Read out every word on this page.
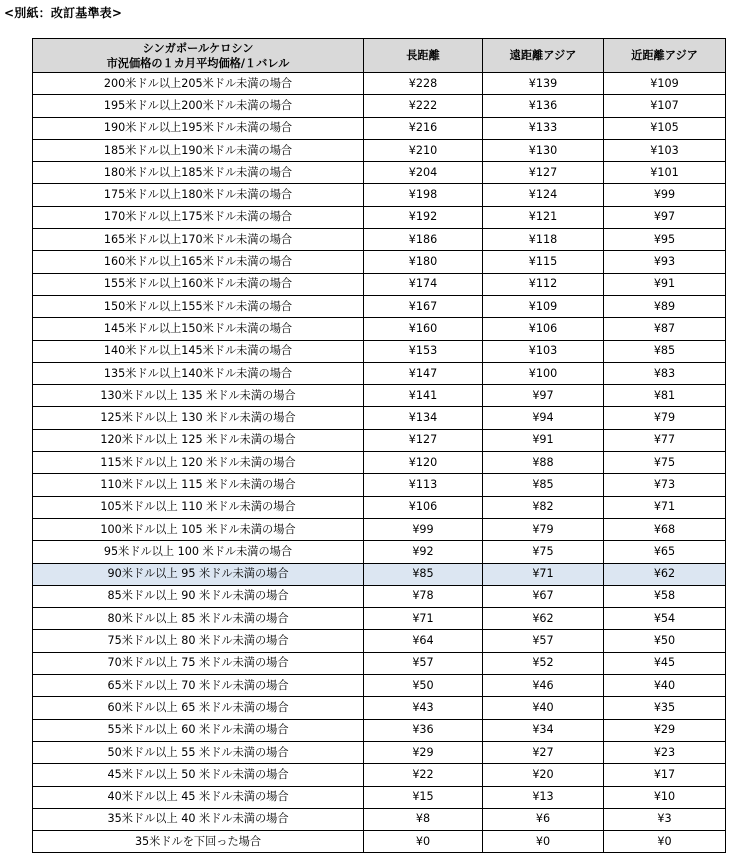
<別紙：改訂基準表>
シンガポールケロシン
市況価格の１カ月平均価格/１バレル	長距離	遠距離アジア	近距離アジア
200米ドル以上205米ドル未満の場合	¥228	¥139	¥109
195米ドル以上200米ドル未満の場合	¥222	¥136	¥107
190米ドル以上195米ドル未満の場合	¥216	¥133	¥105
185米ドル以上190米ドル未満の場合	¥210	¥130	¥103
180米ドル以上185米ドル未満の場合	¥204	¥127	¥101
175米ドル以上180米ドル未満の場合	¥198	¥124	¥99
170米ドル以上175米ドル未満の場合	¥192	¥121	¥97
165米ドル以上170米ドル未満の場合	¥186	¥118	¥95
160米ドル以上165米ドル未満の場合	¥180	¥115	¥93
155米ドル以上160米ドル未満の場合	¥174	¥112	¥91
150米ドル以上155米ドル未満の場合	¥167	¥109	¥89
145米ドル以上150米ドル未満の場合	¥160	¥106	¥87
140米ドル以上145米ドル未満の場合	¥153	¥103	¥85
135米ドル以上140米ドル未満の場合	¥147	¥100	¥83
130米ドル以上 135 米ドル未満の場合	¥141	¥97	¥81
125米ドル以上 130 米ドル未満の場合	¥134	¥94	¥79
120米ドル以上 125 米ドル未満の場合	¥127	¥91	¥77
115米ドル以上 120 米ドル未満の場合	¥120	¥88	¥75
110米ドル以上 115 米ドル未満の場合	¥113	¥85	¥73
105米ドル以上 110 米ドル未満の場合	¥106	¥82	¥71
100米ドル以上 105 米ドル未満の場合	¥99	¥79	¥68
95米ドル以上 100 米ドル未満の場合	¥92	¥75	¥65
90米ドル以上 95 米ドル未満の場合	¥85	¥71	¥62
85米ドル以上 90 米ドル未満の場合	¥78	¥67	¥58
80米ドル以上 85 米ドル未満の場合	¥71	¥62	¥54
75米ドル以上 80 米ドル未満の場合	¥64	¥57	¥50
70米ドル以上 75 米ドル未満の場合	¥57	¥52	¥45
65米ドル以上 70 米ドル未満の場合	¥50	¥46	¥40
60米ドル以上 65 米ドル未満の場合	¥43	¥40	¥35
55米ドル以上 60 米ドル未満の場合	¥36	¥34	¥29
50米ドル以上 55 米ドル未満の場合	¥29	¥27	¥23
45米ドル以上 50 米ドル未満の場合	¥22	¥20	¥17
40米ドル以上 45 米ドル未満の場合	¥15	¥13	¥10
35米ドル以上 40 米ドル未満の場合	¥8	¥6	¥3
35米ドルを下回った場合	¥0	¥0	¥0
